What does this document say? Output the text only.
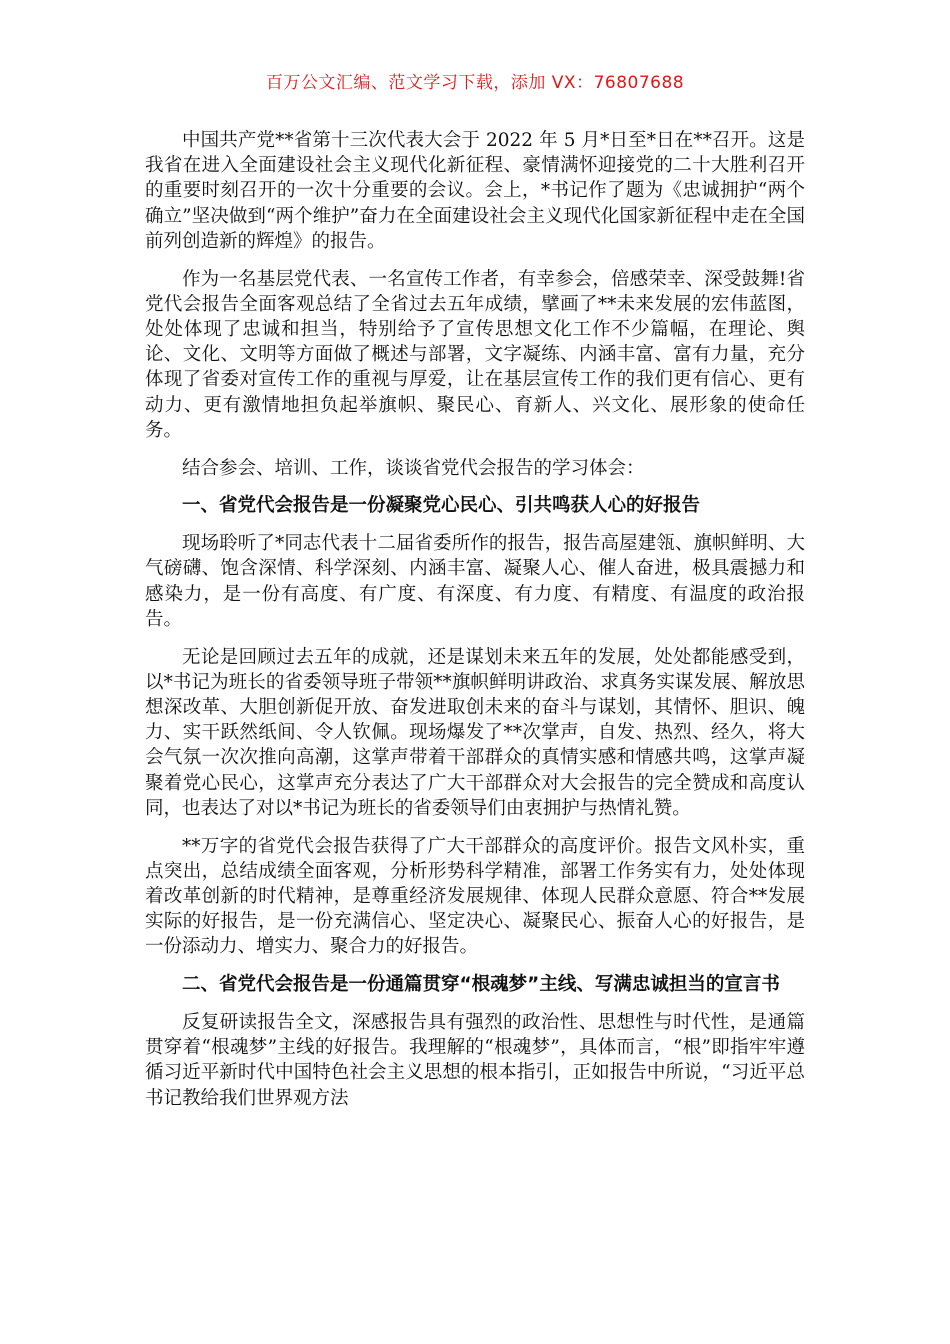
百万公文汇编、范文学习下载，添加 VX：76807688

中国共产党**省第十三次代表大会于 2022 年 5 月*日至*日在**召开。这是我省在进入全面建设社会主义现代化新征程、豪情满怀迎接党的二十大胜利召开的重要时刻召开的一次十分重要的会议。会上，*书记作了题为《忠诚拥护“两个确立”坚决做到“两个维护”奋力在全面建设社会主义现代化国家新征程中走在全国前列创造新的辉煌》的报告。

作为一名基层党代表、一名宣传工作者，有幸参会，倍感荣幸、深受鼓舞!省党代会报告全面客观总结了全省过去五年成绩，擘画了**未来发展的宏伟蓝图，处处体现了忠诚和担当，特别给予了宣传思想文化工作不少篇幅，在理论、舆论、文化、文明等方面做了概述与部署，文字凝练、内涵丰富、富有力量，充分体现了省委对宣传工作的重视与厚爱，让在基层宣传工作的我们更有信心、更有动力、更有激情地担负起举旗帜、聚民心、育新人、兴文化、展形象的使命任务。

结合参会、培训、工作，谈谈省党代会报告的学习体会：

一、省党代会报告是一份凝聚党心民心、引共鸣获人心的好报告

现场聆听了*同志代表十二届省委所作的报告，报告高屋建瓴、旗帜鲜明、大气磅礴、饱含深情、科学深刻、内涵丰富、凝聚人心、催人奋进，极具震撼力和感染力，是一份有高度、有广度、有深度、有力度、有精度、有温度的政治报告。

无论是回顾过去五年的成就，还是谋划未来五年的发展，处处都能感受到，以*书记为班长的省委领导班子带领**旗帜鲜明讲政治、求真务实谋发展、解放思想深改革、大胆创新促开放、奋发进取创未来的奋斗与谋划，其情怀、胆识、魄力、实干跃然纸间、令人钦佩。现场爆发了**次掌声，自发、热烈、经久，将大会气氛一次次推向高潮，这掌声带着干部群众的真情实感和情感共鸣，这掌声凝聚着党心民心，这掌声充分表达了广大干部群众对大会报告的完全赞成和高度认同，也表达了对以*书记为班长的省委领导们由衷拥护与热情礼赞。

**万字的省党代会报告获得了广大干部群众的高度评价。报告文风朴实，重点突出，总结成绩全面客观，分析形势科学精准，部署工作务实有力，处处体现着改革创新的时代精神，是尊重经济发展规律、体现人民群众意愿、符合**发展实际的好报告，是一份充满信心、坚定决心、凝聚民心、振奋人心的好报告，是一份添动力、增实力、聚合力的好报告。

二、省党代会报告是一份通篇贯穿“根魂梦”主线、写满忠诚担当的宣言书

反复研读报告全文，深感报告具有强烈的政治性、思想性与时代性，是通篇贯穿着“根魂梦”主线的好报告。我理解的“根魂梦”，具体而言，“根”即指牢牢遵循习近平新时代中国特色社会主义思想的根本指引，正如报告中所说，“习近平总书记教给我们世界观方法
